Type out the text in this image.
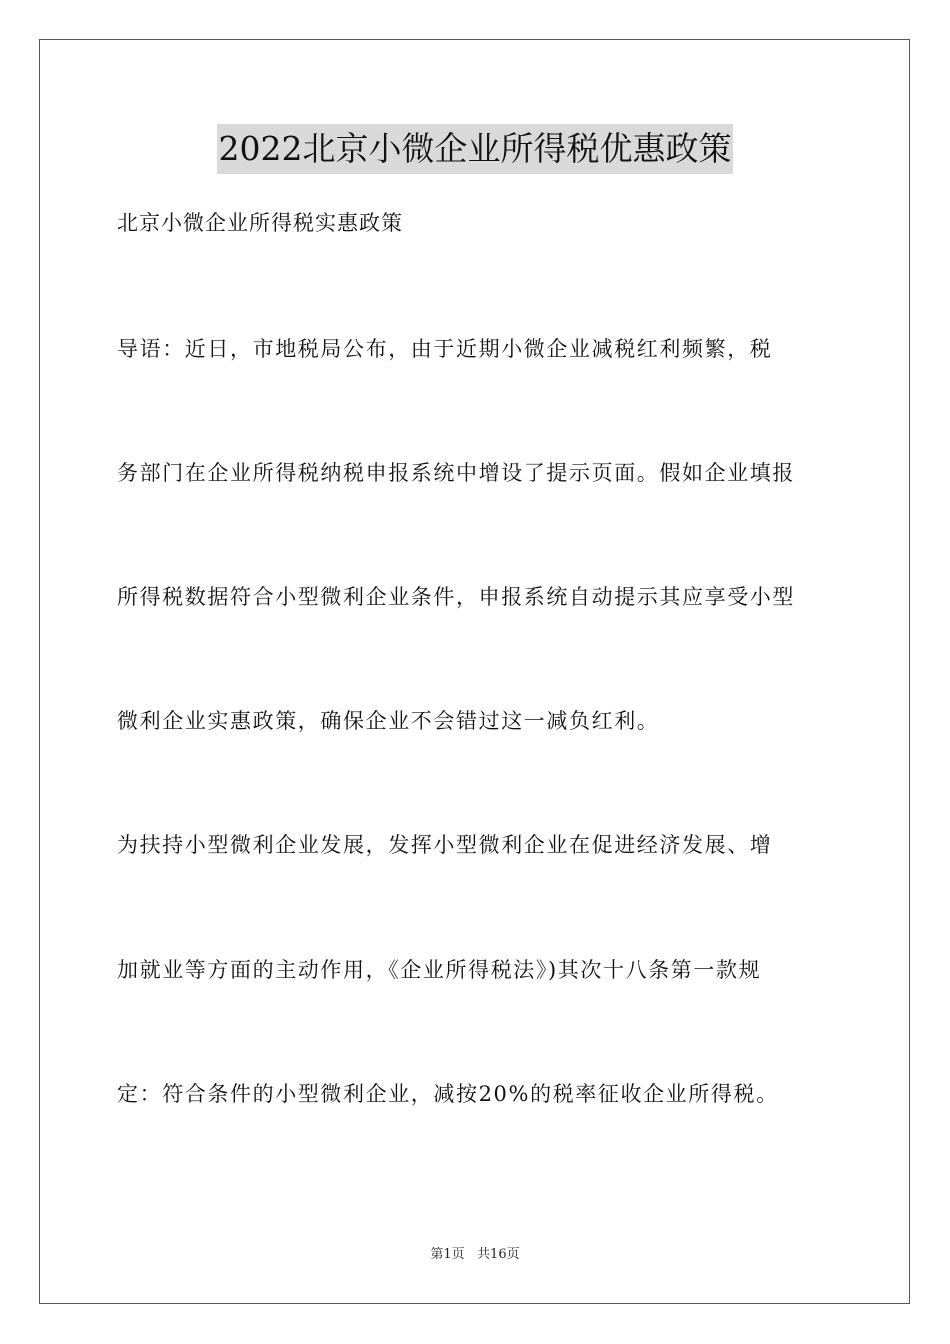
2022北京小微企业所得税优惠政策
北京小微企业所得税实惠政策
导语：近日，市地税局公布，由于近期小微企业减税红利频繁，税
务部门在企业所得税纳税申报系统中增设了提示页面。假如企业填报
所得税数据符合小型微利企业条件，申报系统自动提示其应享受小型
微利企业实惠政策，确保企业不会错过这一减负红利。
为扶持小型微利企业发展，发挥小型微利企业在促进经济发展、增
加就业等方面的主动作用，《企业所得税法》)其次十八条第一款规
定：符合条件的小型微利企业，减按20%的税率征收企业所得税。
第1页   共16页
